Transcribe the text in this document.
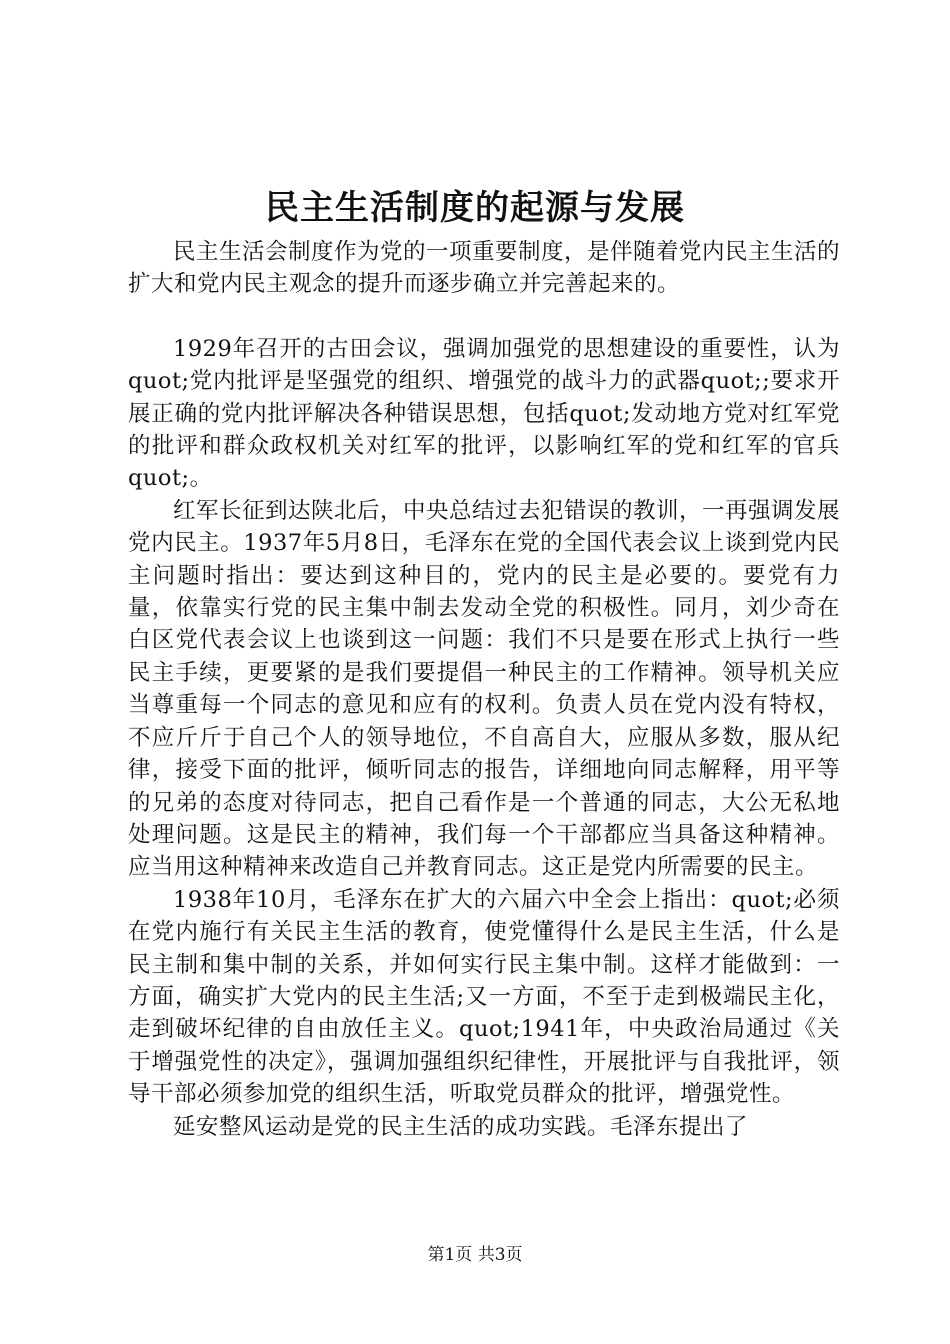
民主生活制度的起源与发展

民主生活会制度作为党的一项重要制度，是伴随着党内民主生活的扩大和党内民主观念的提升而逐步确立并完善起来的。

1929年召开的古田会议，强调加强党的思想建设的重要性，认为quot;党内批评是坚强党的组织、增强党的战斗力的武器quot;;要求开展正确的党内批评解决各种错误思想，包括quot;发动地方党对红军党的批评和群众政权机关对红军的批评，以影响红军的党和红军的官兵quot;。

红军长征到达陕北后，中央总结过去犯错误的教训，一再强调发展党内民主。1937年5月8日，毛泽东在党的全国代表会议上谈到党内民主问题时指出：要达到这种目的，党内的民主是必要的。要党有力量，依靠实行党的民主集中制去发动全党的积极性。同月，刘少奇在白区党代表会议上也谈到这一问题：我们不只是要在形式上执行一些民主手续，更要紧的是我们要提倡一种民主的工作精神。领导机关应当尊重每一个同志的意见和应有的权利。负责人员在党内没有特权，不应斤斤于自己个人的领导地位，不自高自大，应服从多数，服从纪律，接受下面的批评，倾听同志的报告，详细地向同志解释，用平等的兄弟的态度对待同志，把自己看作是一个普通的同志，大公无私地处理问题。这是民主的精神，我们每一个干部都应当具备这种精神。应当用这种精神来改造自己并教育同志。这正是党内所需要的民主。

1938年10月，毛泽东在扩大的六届六中全会上指出：quot;必须在党内施行有关民主生活的教育，使党懂得什么是民主生活，什么是民主制和集中制的关系，并如何实行民主集中制。这样才能做到：一方面，确实扩大党内的民主生活;又一方面，不至于走到极端民主化，走到破坏纪律的自由放任主义。quot;1941年，中央政治局通过《关于增强党性的决定》，强调加强组织纪律性，开展批评与自我批评，领导干部必须参加党的组织生活，听取党员群众的批评，增强党性。

延安整风运动是党的民主生活的成功实践。毛泽东提出了

第1页 共3页
